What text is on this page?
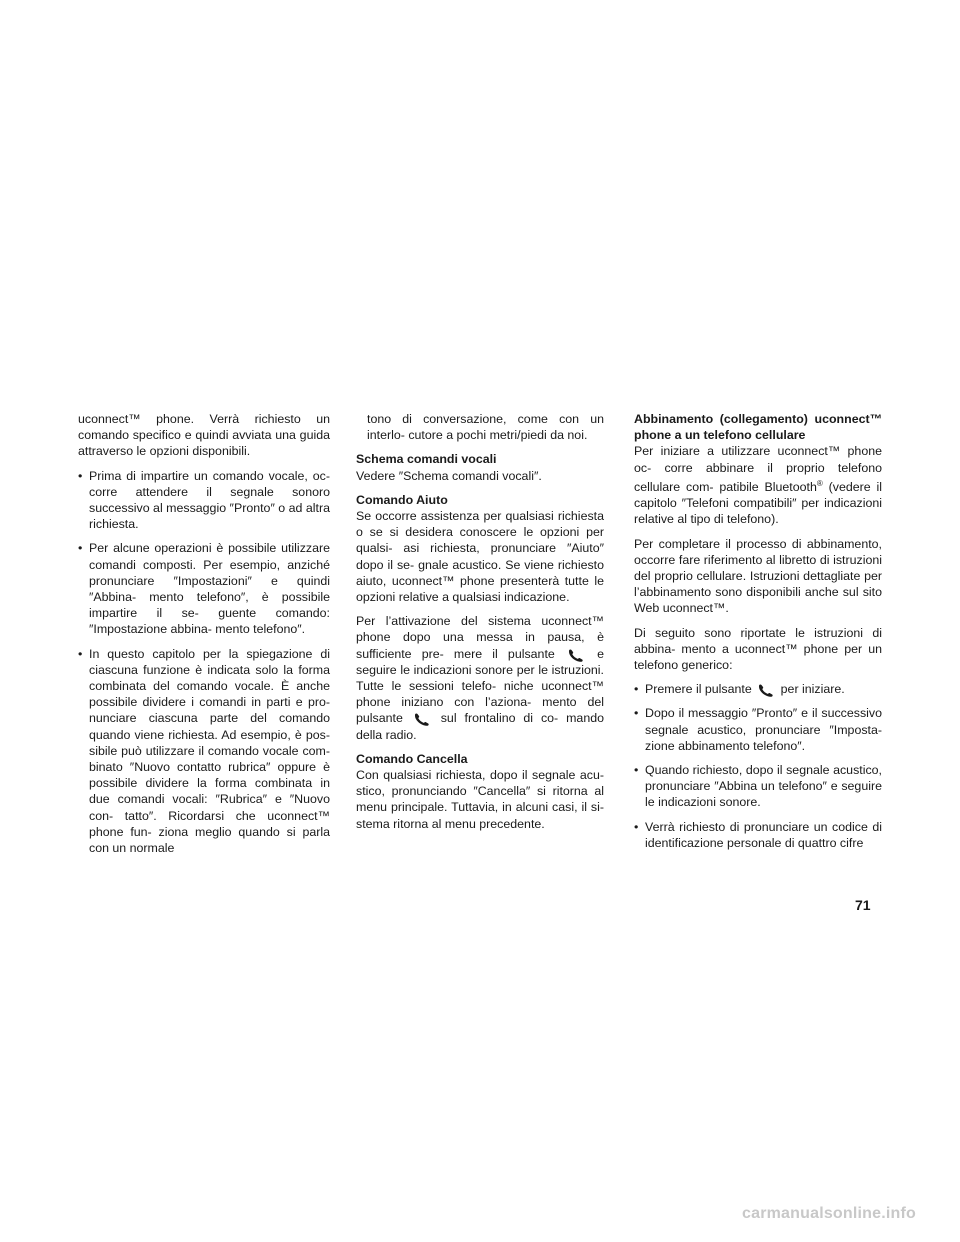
uconnect™ phone. Verrà richiesto un comando specifico e quindi avviata una guida attraverso le opzioni disponibili.

• Prima di impartire un comando vocale, oc- corre attendere il segnale sonoro successivo al messaggio ″Pronto″ o ad altra richiesta.
• Per alcune operazioni è possibile utilizzare comandi composti. Per esempio, anziché pronunciare ″Impostazioni″ e quindi ″Abbina- mento telefono″, è possibile impartire il se- guente comando: ″Impostazione abbina- mento telefono″.
• In questo capitolo per la spiegazione di ciascuna funzione è indicata solo la forma combinata del comando vocale. È anche possibile dividere i comandi in parti e pro- nunciare ciascuna parte del comando quando viene richiesta. Ad esempio, è pos- sibile può utilizzare il comando vocale com- binato ″Nuovo contatto rubrica″ oppure è possibile dividere la forma combinata in due comandi vocali: ″Rubrica″ e ″Nuovo con- tatto″. Ricordarsi che uconnect™ phone fun- ziona meglio quando si parla con un normale

tono di conversazione, come con un interlo- cutore a pochi metri/piedi da noi.

Schema comandi vocali
Vedere ″Schema comandi vocali″.

Comando Aiuto
Se occorre assistenza per qualsiasi richiesta o se si desidera conoscere le opzioni per qualsi- asi richiesta, pronunciare ″Aiuto″ dopo il se- gnale acustico. Se viene richiesto aiuto, uconnect™ phone presenterà tutte le opzioni relative a qualsiasi indicazione.

Per l’attivazione del sistema uconnect™ phone dopo una messa in pausa, è sufficiente pre- mere il pulsante	e seguire le indicazioni sonore per le istruzioni. Tutte le sessioni telefo- niche uconnect™ phone iniziano con l’aziona- mento del pulsante	sul frontalino di co- mando della radio.

Comando Cancella
Con qualsiasi richiesta, dopo il segnale acu- stico, pronunciando ″Cancella″ si ritorna al menu principale. Tuttavia, in alcuni casi, il si- stema ritorna al menu precedente.

Abbinamento (collegamento) uconnect™ phone a un telefono cellulare

Per iniziare a utilizzare uconnect™ phone oc- corre abbinare il proprio telefono cellulare com- patibile Bluetooth® (vedere il capitolo ″Telefoni compatibili″ per indicazioni relative al tipo di telefono).

Per completare il processo di abbinamento, occorre fare riferimento al libretto di istruzioni del proprio cellulare. Istruzioni dettagliate per l’abbinamento sono disponibili anche sul sito Web uconnect™.

Di seguito sono riportate le istruzioni di abbina- mento a uconnect™ phone per un telefono generico:

• Premere il pulsante per iniziare.
• Dopo il messaggio ″Pronto″ e il successivo segnale acustico, pronunciare ″Imposta- zione abbinamento telefono″.
• Quando richiesto, dopo il segnale acustico, pronunciare ″Abbina un telefono″ e seguire le indicazioni sonore.
• Verrà richiesto di pronunciare un codice di identificazione personale di quattro cifre
71
carmanualsonline.info
